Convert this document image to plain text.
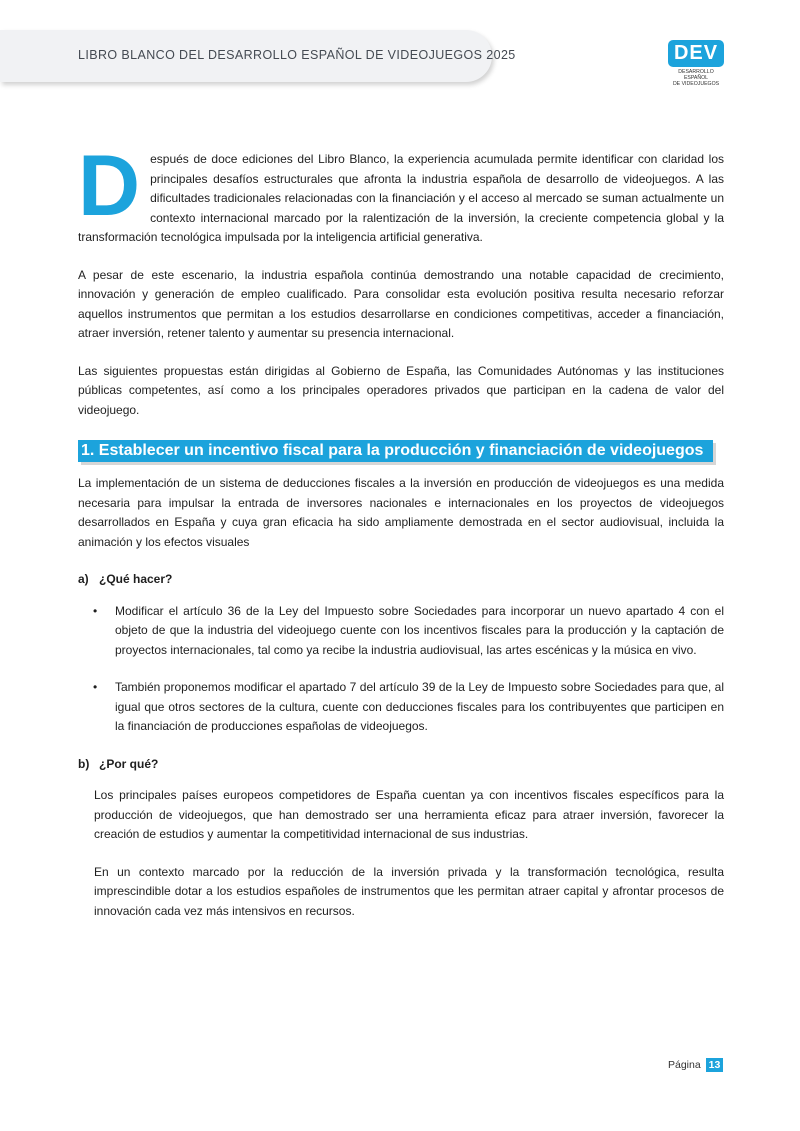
LIBRO BLANCO DEL DESARROLLO ESPAÑOL DE VIDEOJUEGOS 2025	DEV
DESARROLLO ESPAÑOL
DE VIDEOJUEGOS

Después de doce ediciones del Libro Blanco, la experiencia acumulada permite identificar con claridad los principales desafíos estructurales que afronta la industria española de desarrollo de videojuegos. A las dificultades tradicionales relacionadas con la financiación y el acceso al mercado se suman actualmente un contexto internacional marcado por la ralentización de la inversión, la creciente competencia global y la transformación tecnológica impulsada por la inteligencia artificial generativa.

A pesar de este escenario, la industria española continúa demostrando una notable capacidad de crecimiento, innovación y generación de empleo cualificado. Para consolidar esta evolución positiva resulta necesario reforzar aquellos instrumentos que permitan a los estudios desarrollarse en condiciones competitivas, acceder a financiación, atraer inversión, retener talento y aumentar su presencia internacional.

Las siguientes propuestas están dirigidas al Gobierno de España, las Comunidades Autónomas y las instituciones públicas competentes, así como a los principales operadores privados que participan en la cadena de valor del videojuego.

1. Establecer un incentivo fiscal para la producción y financiación de videojuegos

La implementación de un sistema de deducciones fiscales a la inversión en producción de videojuegos es una medida necesaria para impulsar la entrada de inversores nacionales e internacionales en los proyectos de videojuegos desarrollados en España y cuya gran eficacia ha sido ampliamente demostrada en el sector audiovisual, incluida la animación y los efectos visuales

a) ¿Qué hacer?
• Modificar el artículo 36 de la Ley del Impuesto sobre Sociedades para incorporar un nuevo apartado 4 con el objeto de que la industria del videojuego cuente con los incentivos fiscales para la producción y la captación de proyectos internacionales, tal como ya recibe la industria audiovisual, las artes escénicas y la música en vivo.
• También proponemos modificar el apartado 7 del artículo 39 de la Ley de Impuesto sobre Sociedades para que, al igual que otros sectores de la cultura, cuente con deducciones fiscales para los contribuyentes que participen en la financiación de producciones españolas de videojuegos.
b) ¿Por qué?

Los principales países europeos competidores de España cuentan ya con incentivos fiscales específicos para la producción de videojuegos, que han demostrado ser una herramienta eficaz para atraer inversión, favorecer la creación de estudios y aumentar la competitividad internacional de sus industrias.

En un contexto marcado por la reducción de la inversión privada y la transformación tecnológica, resulta imprescindible dotar a los estudios españoles de instrumentos que les permitan atraer capital y afrontar procesos de innovación cada vez más intensivos en recursos.

Página 13
